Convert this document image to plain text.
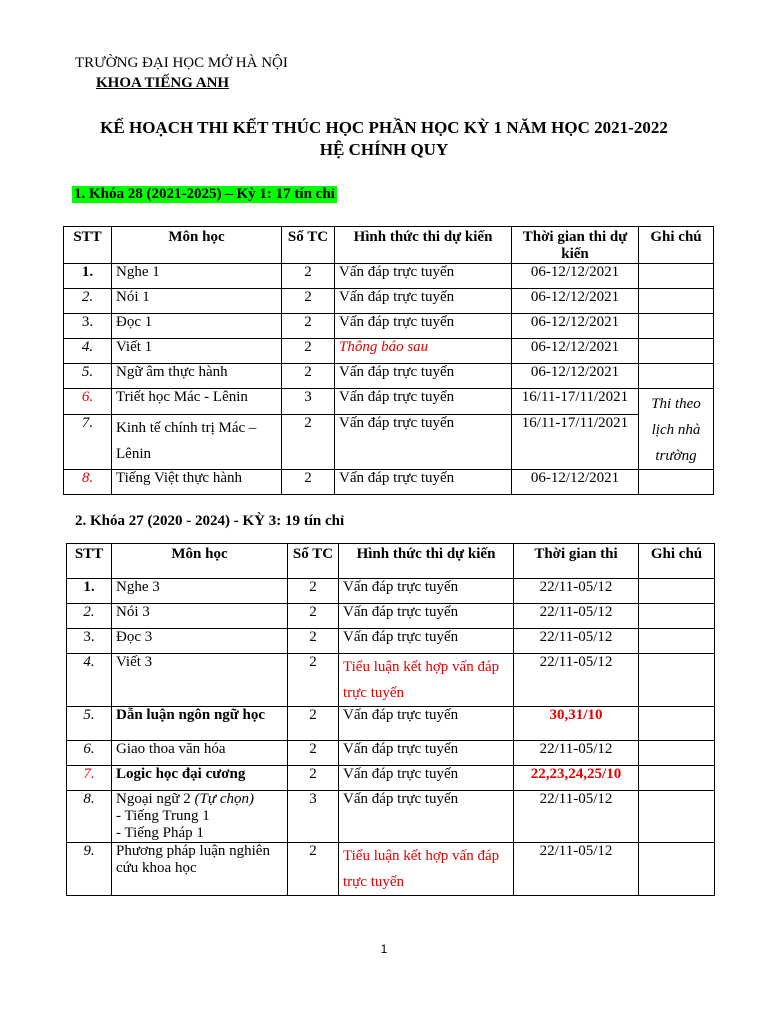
TRƯỜNG ĐẠI HỌC MỞ HÀ NỘI
KHOA TIẾNG ANH
KẾ HOẠCH THI KẾT THÚC HỌC PHẦN HỌC KỲ 1 NĂM HỌC 2021-2022
HỆ CHÍNH QUY
1. Khóa 28 (2021-2025) – Kỳ 1: 17 tín chỉ
STT	Môn học	Số TC	Hình thức thi dự kiến	Thời gian thi dự kiến	Ghi chú
1.	Nghe 1	2	Vấn đáp trực tuyến	06-12/12/2021	
2.	Nói 1	2	Vấn đáp trực tuyến	06-12/12/2021	
3.	Đọc 1	2	Vấn đáp trực tuyến	06-12/12/2021	
4.	Viết 1	2	Thông báo sau	06-12/12/2021	
5.	Ngữ âm thực hành	2	Vấn đáp trực tuyến	06-12/12/2021	
6.	Triết học Mác - Lênin	3	Vấn đáp trực tuyến	16/11-17/11/2021	Thi theo lịch nhà trường
7.	Kinh tế chính trị Mác – Lênin	2	Vấn đáp trực tuyến	16/11-17/11/2021	
8.	Tiếng Việt thực hành	2	Vấn đáp trực tuyến	06-12/12/2021	
2. Khóa 27 (2020 - 2024) - KỲ 3: 19 tín chỉ
STT	Môn học	Số TC	Hình thức thi dự kiến	Thời gian thi	Ghi chú
1.	Nghe 3	2	Vấn đáp trực tuyến	22/11-05/12	
2.	Nói 3	2	Vấn đáp trực tuyến	22/11-05/12	
3.	Đọc 3	2	Vấn đáp trực tuyến	22/11-05/12	
4.	Viết 3	2	Tiểu luận kết hợp vấn đáp trực tuyến	22/11-05/12	
5.	Dẫn luận ngôn ngữ học	2	Vấn đáp trực tuyến	30,31/10	
6.	Giao thoa văn hóa	2	Vấn đáp trực tuyến	22/11-05/12	
7.	Logic học đại cương	2	Vấn đáp trực tuyến	22,23,24,25/10	
8.	Ngoại ngữ 2 (Tự chọn)
- Tiếng Trung 1
- Tiếng Pháp 1	3	Vấn đáp trực tuyến	22/11-05/12	
9.	Phương pháp luận nghiên cứu khoa học	2	Tiểu luận kết hợp vấn đáp trực tuyến	22/11-05/12	
1
